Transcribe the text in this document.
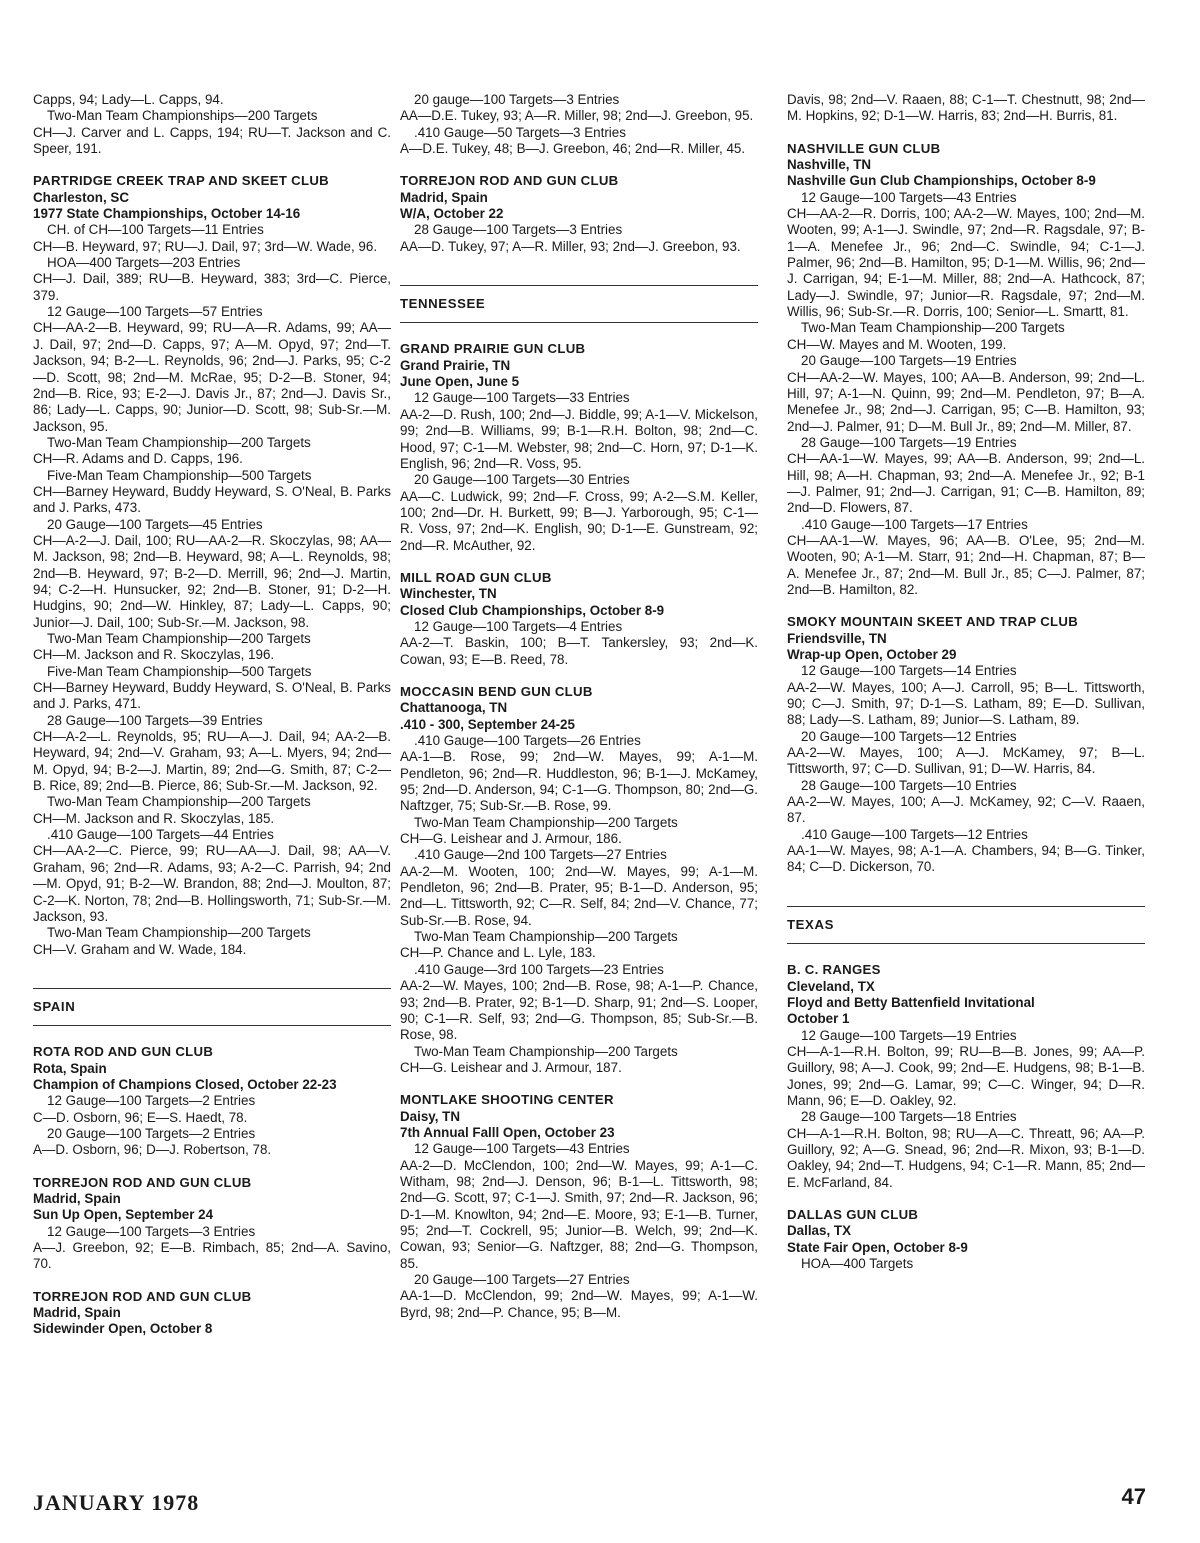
Capps, 94; Lady—L. Capps, 94.

Two-Man Team Championships—200 Targets

CH—J. Carver and L. Capps, 194; RU—T. Jackson and C. Speer, 191.

PARTRIDGE CREEK TRAP AND SKEET CLUB

Charleston, SC

1977 State Championships, October 14-16

CH. of CH—100 Targets—11 Entries

CH—B. Heyward, 97; RU—J. Dail, 97; 3rd—W. Wade, 96.

HOA—400 Targets—203 Entries

CH—J. Dail, 389; RU—B. Heyward, 383; 3rd—C. Pierce, 379.

12 Gauge—100 Targets—57 Entries

CH—AA-2—B. Heyward, 99; RU—A—R. Adams, 99; AA—J. Dail, 97; 2nd—D. Capps, 97; A—M. Opyd, 97; 2nd—T. Jackson, 94; B-2—L. Reynolds, 96; 2nd—J. Parks, 95; C-2—D. Scott, 98; 2nd—M. McRae, 95; D-2—B. Stoner, 94; 2nd—B. Rice, 93; E-2—J. Davis Jr., 87; 2nd—J. Davis Sr., 86; Lady—L. Capps, 90; Junior—D. Scott, 98; Sub-Sr.—M. Jackson, 95.

Two-Man Team Championship—200 Targets

CH—R. Adams and D. Capps, 196.

Five-Man Team Championship—500 Targets

CH—Barney Heyward, Buddy Heyward, S. O'Neal, B. Parks and J. Parks, 473.

20 Gauge—100 Targets—45 Entries

CH—A-2—J. Dail, 100; RU—AA-2—R. Skoczylas, 98; AA—M. Jackson, 98; 2nd—B. Heyward, 98; A—L. Reynolds, 98; 2nd—B. Heyward, 97; B-2—D. Merrill, 96; 2nd—J. Martin, 94; C-2—H. Hunsucker, 92; 2nd—B. Stoner, 91; D-2—H. Hudgins, 90; 2nd—W. Hinkley, 87; Lady—L. Capps, 90; Junior—J. Dail, 100; Sub-Sr.—M. Jackson, 98.

Two-Man Team Championship—200 Targets

CH—M. Jackson and R. Skoczylas, 196.

Five-Man Team Championship—500 Targets

CH—Barney Heyward, Buddy Heyward, S. O'Neal, B. Parks and J. Parks, 471.

28 Gauge—100 Targets—39 Entries

CH—A-2—L. Reynolds, 95; RU—A—J. Dail, 94; AA-2—B. Heyward, 94; 2nd—V. Graham, 93; A—L. Myers, 94; 2nd—M. Opyd, 94; B-2—J. Martin, 89; 2nd—G. Smith, 87; C-2—B. Rice, 89; 2nd—B. Pierce, 86; Sub-Sr.—M. Jackson, 92.

Two-Man Team Championship—200 Targets

CH—M. Jackson and R. Skoczylas, 185.

.410 Gauge—100 Targets—44 Entries

CH—AA-2—C. Pierce, 99; RU—AA—J. Dail, 98; AA—V. Graham, 96; 2nd—R. Adams, 93; A-2—C. Parrish, 94; 2nd—M. Opyd, 91; B-2—W. Brandon, 88; 2nd—J. Moulton, 87; C-2—K. Norton, 78; 2nd—B. Hollingsworth, 71; Sub-Sr.—M. Jackson, 93.

Two-Man Team Championship—200 Targets

CH—V. Graham and W. Wade, 184.

SPAIN

ROTA ROD AND GUN CLUB

Rota, Spain

Champion of Champions Closed, October 22-23

12 Gauge—100 Targets—2 Entries

C—D. Osborn, 96; E—S. Haedt, 78.

20 Gauge—100 Targets—2 Entries

A—D. Osborn, 96; D—J. Robertson, 78.

TORREJON ROD AND GUN CLUB

Madrid, Spain

Sun Up Open, September 24

12 Gauge—100 Targets—3 Entries

A—J. Greebon, 92; E—B. Rimbach, 85; 2nd—A. Savino, 70.

TORREJON ROD AND GUN CLUB

Madrid, Spain

Sidewinder Open, October 8

20 gauge—100 Targets—3 Entries

AA—D.E. Tukey, 93; A—R. Miller, 98; 2nd—J. Greebon, 95.

.410 Gauge—50 Targets—3 Entries

A—D.E. Tukey, 48; B—J. Greebon, 46; 2nd—R. Miller, 45.

TORREJON ROD AND GUN CLUB

Madrid, Spain

W/A, October 22

28 Gauge—100 Targets—3 Entries

AA—D. Tukey, 97; A—R. Miller, 93; 2nd—J. Greebon, 93.

TENNESSEE

GRAND PRAIRIE GUN CLUB

Grand Prairie, TN

June Open, June 5

12 Gauge—100 Targets—33 Entries

AA-2—D. Rush, 100; 2nd—J. Biddle, 99; A-1—V. Mickelson, 99; 2nd—B. Williams, 99; B-1—R.H. Bolton, 98; 2nd—C. Hood, 97; C-1—M. Webster, 98; 2nd—C. Horn, 97; D-1—K. English, 96; 2nd—R. Voss, 95.

20 Gauge—100 Targets—30 Entries

AA—C. Ludwick, 99; 2nd—F. Cross, 99; A-2—S.M. Keller, 100; 2nd—Dr. H. Burkett, 99; B—J. Yarborough, 95; C-1—R. Voss, 97; 2nd—K. English, 90; D-1—E. Gunstream, 92; 2nd—R. McAuther, 92.

MILL ROAD GUN CLUB

Winchester, TN

Closed Club Championships, October 8-9

12 Gauge—100 Targets—4 Entries

AA-2—T. Baskin, 100; B—T. Tankersley, 93; 2nd—K. Cowan, 93; E—B. Reed, 78.

MOCCASIN BEND GUN CLUB

Chattanooga, TN

.410 - 300, September 24-25

.410 Gauge—100 Targets—26 Entries

AA-1—B. Rose, 99; 2nd—W. Mayes, 99; A-1—M. Pendleton, 96; 2nd—R. Huddleston, 96; B-1—J. McKamey, 95; 2nd—D. Anderson, 94; C-1—G. Thompson, 80; 2nd—G. Naftzger, 75; Sub-Sr.—B. Rose, 99.

Two-Man Team Championship—200 Targets

CH—G. Leishear and J. Armour, 186.

.410 Gauge—2nd 100 Targets—27 Entries

AA-2—M. Wooten, 100; 2nd—W. Mayes, 99; A-1—M. Pendleton, 96; 2nd—B. Prater, 95; B-1—D. Anderson, 95; 2nd—L. Tittsworth, 92; C—R. Self, 84; 2nd—V. Chance, 77; Sub-Sr.—B. Rose, 94.

Two-Man Team Championship—200 Targets

CH—P. Chance and L. Lyle, 183.

.410 Gauge—3rd 100 Targets—23 Entries

AA-2—W. Mayes, 100; 2nd—B. Rose, 98; A-1—P. Chance, 93; 2nd—B. Prater, 92; B-1—D. Sharp, 91; 2nd—S. Looper, 90; C-1—R. Self, 93; 2nd—G. Thompson, 85; Sub-Sr.—B. Rose, 98.

Two-Man Team Championship—200 Targets

CH—G. Leishear and J. Armour, 187.

MONTLAKE SHOOTING CENTER

Daisy, TN

7th Annual Falll Open, October 23

12 Gauge—100 Targets—43 Entries

AA-2—D. McClendon, 100; 2nd—W. Mayes, 99; A-1—C. Witham, 98; 2nd—J. Denson, 96; B-1—L. Tittsworth, 98; 2nd—G. Scott, 97; C-1—J. Smith, 97; 2nd—R. Jackson, 96; D-1—M. Knowlton, 94; 2nd—E. Moore, 93; E-1—B. Turner, 95; 2nd—T. Cockrell, 95; Junior—B. Welch, 99; 2nd—K. Cowan, 93; Senior—G. Naftzger, 88; 2nd—G. Thompson, 85.

20 Gauge—100 Targets—27 Entries

AA-1—D. McClendon, 99; 2nd—W. Mayes, 99; A-1—W. Byrd, 98; 2nd—P. Chance, 95; B—M.

Davis, 98; 2nd—V. Raaen, 88; C-1—T. Chestnutt, 98; 2nd—M. Hopkins, 92; D-1—W. Harris, 83; 2nd—H. Burris, 81.

NASHVILLE GUN CLUB

Nashville, TN

Nashville Gun Club Championships, October 8-9

12 Gauge—100 Targets—43 Entries

CH—AA-2—R. Dorris, 100; AA-2—W. Mayes, 100; 2nd—M. Wooten, 99; A-1—J. Swindle, 97; 2nd—R. Ragsdale, 97; B-1—A. Menefee Jr., 96; 2nd—C. Swindle, 94; C-1—J. Palmer, 96; 2nd—B. Hamilton, 95; D-1—M. Willis, 96; 2nd—J. Carrigan, 94; E-1—M. Miller, 88; 2nd—A. Hathcock, 87; Lady—J. Swindle, 97; Junior—R. Ragsdale, 97; 2nd—M. Willis, 96; Sub-Sr.—R. Dorris, 100; Senior—L. Smartt, 81.

Two-Man Team Championship—200 Targets

CH—W. Mayes and M. Wooten, 199.

20 Gauge—100 Targets—19 Entries

CH—AA-2—W. Mayes, 100; AA—B. Anderson, 99; 2nd—L. Hill, 97; A-1—N. Quinn, 99; 2nd—M. Pendleton, 97; B—A. Menefee Jr., 98; 2nd—J. Carrigan, 95; C—B. Hamilton, 93; 2nd—J. Palmer, 91; D—M. Bull Jr., 89; 2nd—M. Miller, 87.

28 Gauge—100 Targets—19 Entries

CH—AA-1—W. Mayes, 99; AA—B. Anderson, 99; 2nd—L. Hill, 98; A—H. Chapman, 93; 2nd—A. Menefee Jr., 92; B-1—J. Palmer, 91; 2nd—J. Carrigan, 91; C—B. Hamilton, 89; 2nd—D. Flowers, 87.

.410 Gauge—100 Targets—17 Entries

CH—AA-1—W. Mayes, 96; AA—B. O'Lee, 95; 2nd—M. Wooten, 90; A-1—M. Starr, 91; 2nd—H. Chapman, 87; B—A. Menefee Jr., 87; 2nd—M. Bull Jr., 85; C—J. Palmer, 87; 2nd—B. Hamilton, 82.

SMOKY MOUNTAIN SKEET AND TRAP CLUB

Friendsville, TN

Wrap-up Open, October 29

12 Gauge—100 Targets—14 Entries

AA-2—W. Mayes, 100; A—J. Carroll, 95; B—L. Tittsworth, 90; C—J. Smith, 97; D-1—S. Latham, 89; E—D. Sullivan, 88; Lady—S. Latham, 89; Junior—S. Latham, 89.

20 Gauge—100 Targets—12 Entries

AA-2—W. Mayes, 100; A—J. McKamey, 97; B—L. Tittsworth, 97; C—D. Sullivan, 91; D—W. Harris, 84.

28 Gauge—100 Targets—10 Entries

AA-2—W. Mayes, 100; A—J. McKamey, 92; C—V. Raaen, 87.

.410 Gauge—100 Targets—12 Entries

AA-1—W. Mayes, 98; A-1—A. Chambers, 94; B—G. Tinker, 84; C—D. Dickerson, 70.

TEXAS

B. C. RANGES

Cleveland, TX

Floyd and Betty Battenfield Invitational

October 1

12 Gauge—100 Targets—19 Entries

CH—A-1—R.H. Bolton, 99; RU—B—B. Jones, 99; AA—P. Guillory, 98; A—J. Cook, 99; 2nd—E. Hudgens, 98; B-1—B. Jones, 99; 2nd—G. Lamar, 99; C—C. Winger, 94; D—R. Mann, 96; E—D. Oakley, 92.

28 Gauge—100 Targets—18 Entries

CH—A-1—R.H. Bolton, 98; RU—A—C. Threatt, 96; AA—P. Guillory, 92; A—G. Snead, 96; 2nd—R. Mixon, 93; B-1—D. Oakley, 94; 2nd—T. Hudgens, 94; C-1—R. Mann, 85; 2nd—E. McFarland, 84.

DALLAS GUN CLUB

Dallas, TX

State Fair Open, October 8-9

HOA—400 Targets

JANUARY 1978	47
